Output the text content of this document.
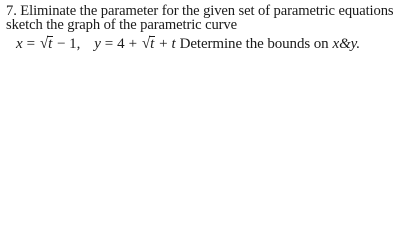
7. Eliminate the parameter for the given set of parametric equations
sketch the graph of the parametric curve
x = √ t − 1, y = 4 + √ t + t Determine the bounds on x&y.
